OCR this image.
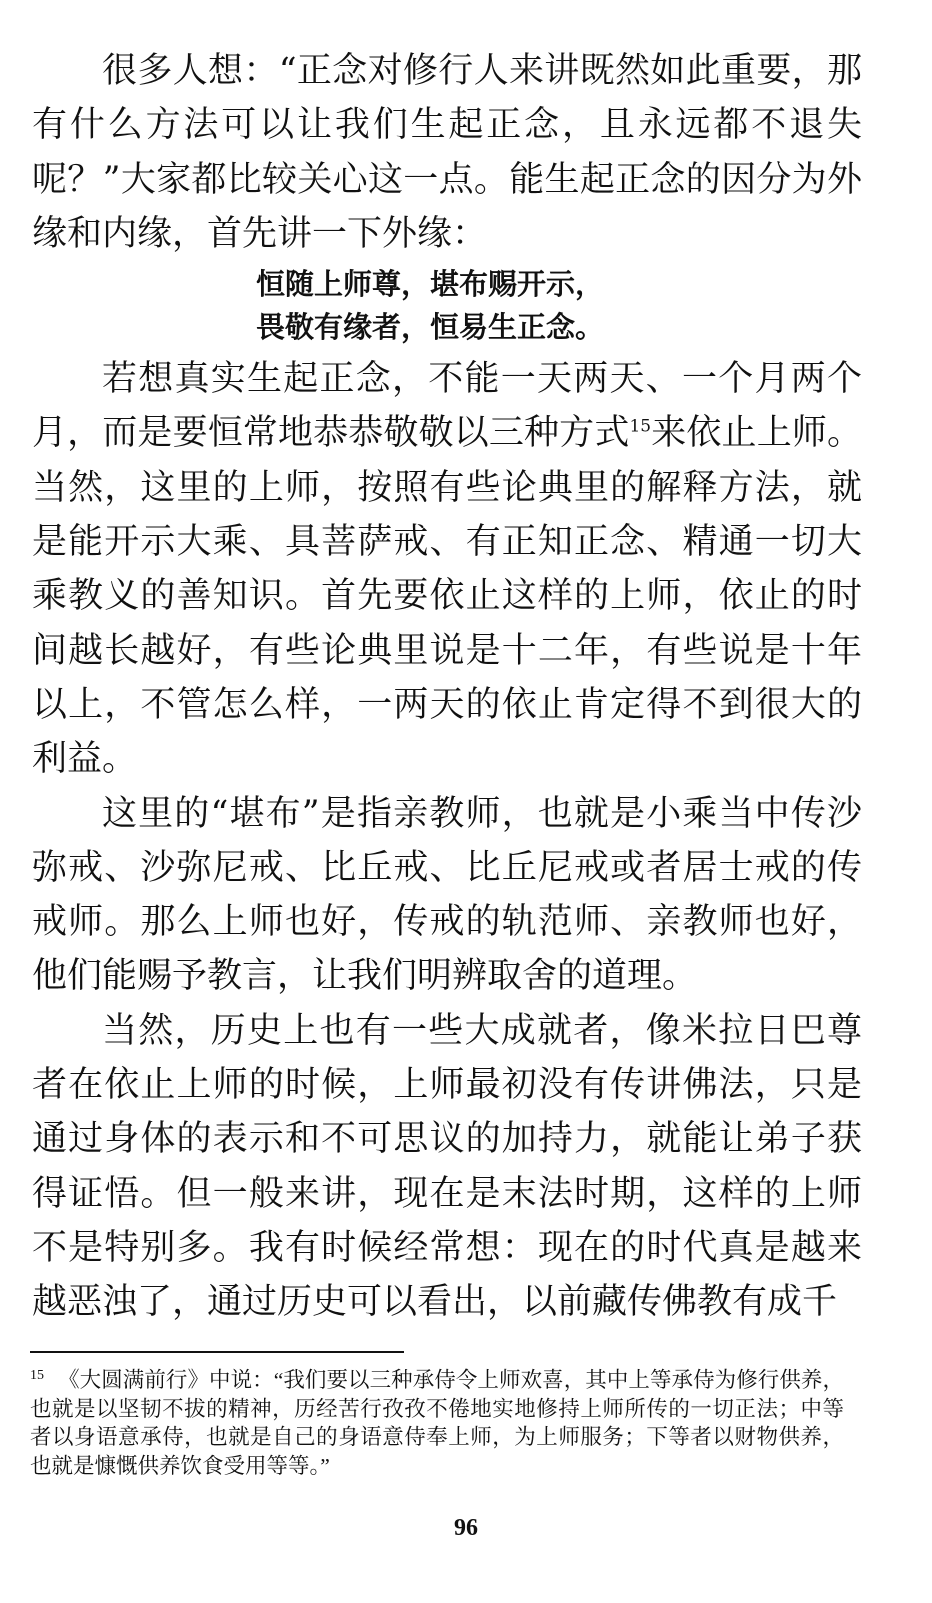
很多人想：“正念对修行人来讲既然如此重要，那有什么方法可以让我们生起正念，且永远都不退失呢？”大家都比较关心这一点。能生起正念的因分为外缘和内缘，首先讲一下外缘：

恒随上师尊，堪布赐开示，
畏敬有缘者，恒易生正念。

若想真实生起正念，不能一天两天、一个月两个月，而是要恒常地恭恭敬敬以三种方式$^{15}$来依止上师。当然，这里的上师，按照有些论典里的解释方法，就是能开示大乘、具菩萨戒、有正知正念、精通一切大乘教义的善知识。首先要依止这样的上师，依止的时间越长越好，有些论典里说是十二年，有些说是十年以上，不管怎么样，一两天的依止肯定得不到很大的利益。

这里的“堪布”是指亲教师，也就是小乘当中传沙弥戒、沙弥尼戒、比丘戒、比丘尼戒或者居士戒的传戒师。那么上师也好，传戒的轨范师、亲教师也好，他们能赐予教言，让我们明辨取舍的道理。

当然，历史上也有一些大成就者，像米拉日巴尊者在依止上师的时候，上师最初没有传讲佛法，只是通过身体的表示和不可思议的加持力，就能让弟子获得证悟。但一般来讲，现在是末法时期，这样的上师不是特别多。我有时候经常想：现在的时代真是越来越恶浊了，通过历史可以看出，以前藏传佛教有成千

$^{15}$ 《大圆满前行》中说：“我们要以三种承侍令上师欢喜，其中上等承侍为修行供养，也就是以坚韧不拔的精神，历经苦行孜孜不倦地实地修持上师所传的一切正法；中等者以身语意承侍，也就是自己的身语意侍奉上师，为上师服务；下等者以财物供养，也就是慷慨供养饮食受用等等。”
96
